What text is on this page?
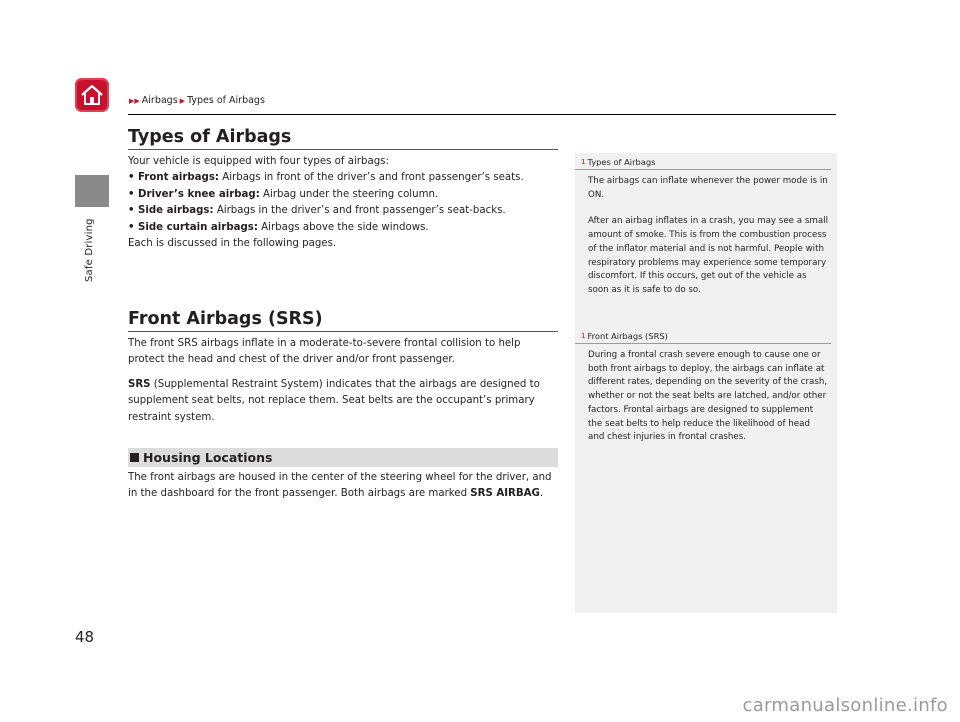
Safe Driving
▶▶ Airbags ▶ Types of Airbags
Types of Airbags

Your vehicle is equipped with four types of airbags:

• Front airbags: Airbags in front of the driver’s and front passenger’s seats.
• Driver’s knee airbag: Airbag under the steering column.
• Side airbags: Airbags in the driver’s and front passenger’s seat-backs.
• Side curtain airbags: Airbags above the side windows.

Each is discussed in the following pages.

Front Airbags (SRS)

The front SRS airbags inflate in a moderate-to-severe frontal collision to help protect the head and chest of the driver and/or front passenger.

SRS (Supplemental Restraint System) indicates that the airbags are designed to supplement seat belts, not replace them. Seat belts are the occupant’s primary restraint system.

Housing Locations

The front airbags are housed in the center of the steering wheel for the driver, and in the dashboard for the front passenger. Both airbags are marked SRS AIRBAG.

1 Types of Airbags

The airbags can inflate whenever the power mode is in ON.

After an airbag inflates in a crash, you may see a small amount of smoke. This is from the combustion process of the inflator material and is not harmful. People with respiratory problems may experience some temporary discomfort. If this occurs, get out of the vehicle as soon as it is safe to do so.

1 Front Airbags (SRS)

During a frontal crash severe enough to cause one or both front airbags to deploy, the airbags can inflate at different rates, depending on the severity of the crash, whether or not the seat belts are latched, and/or other factors. Frontal airbags are designed to supplement the seat belts to help reduce the likelihood of head and chest injuries in frontal crashes.

48
carmanualsonline.info
